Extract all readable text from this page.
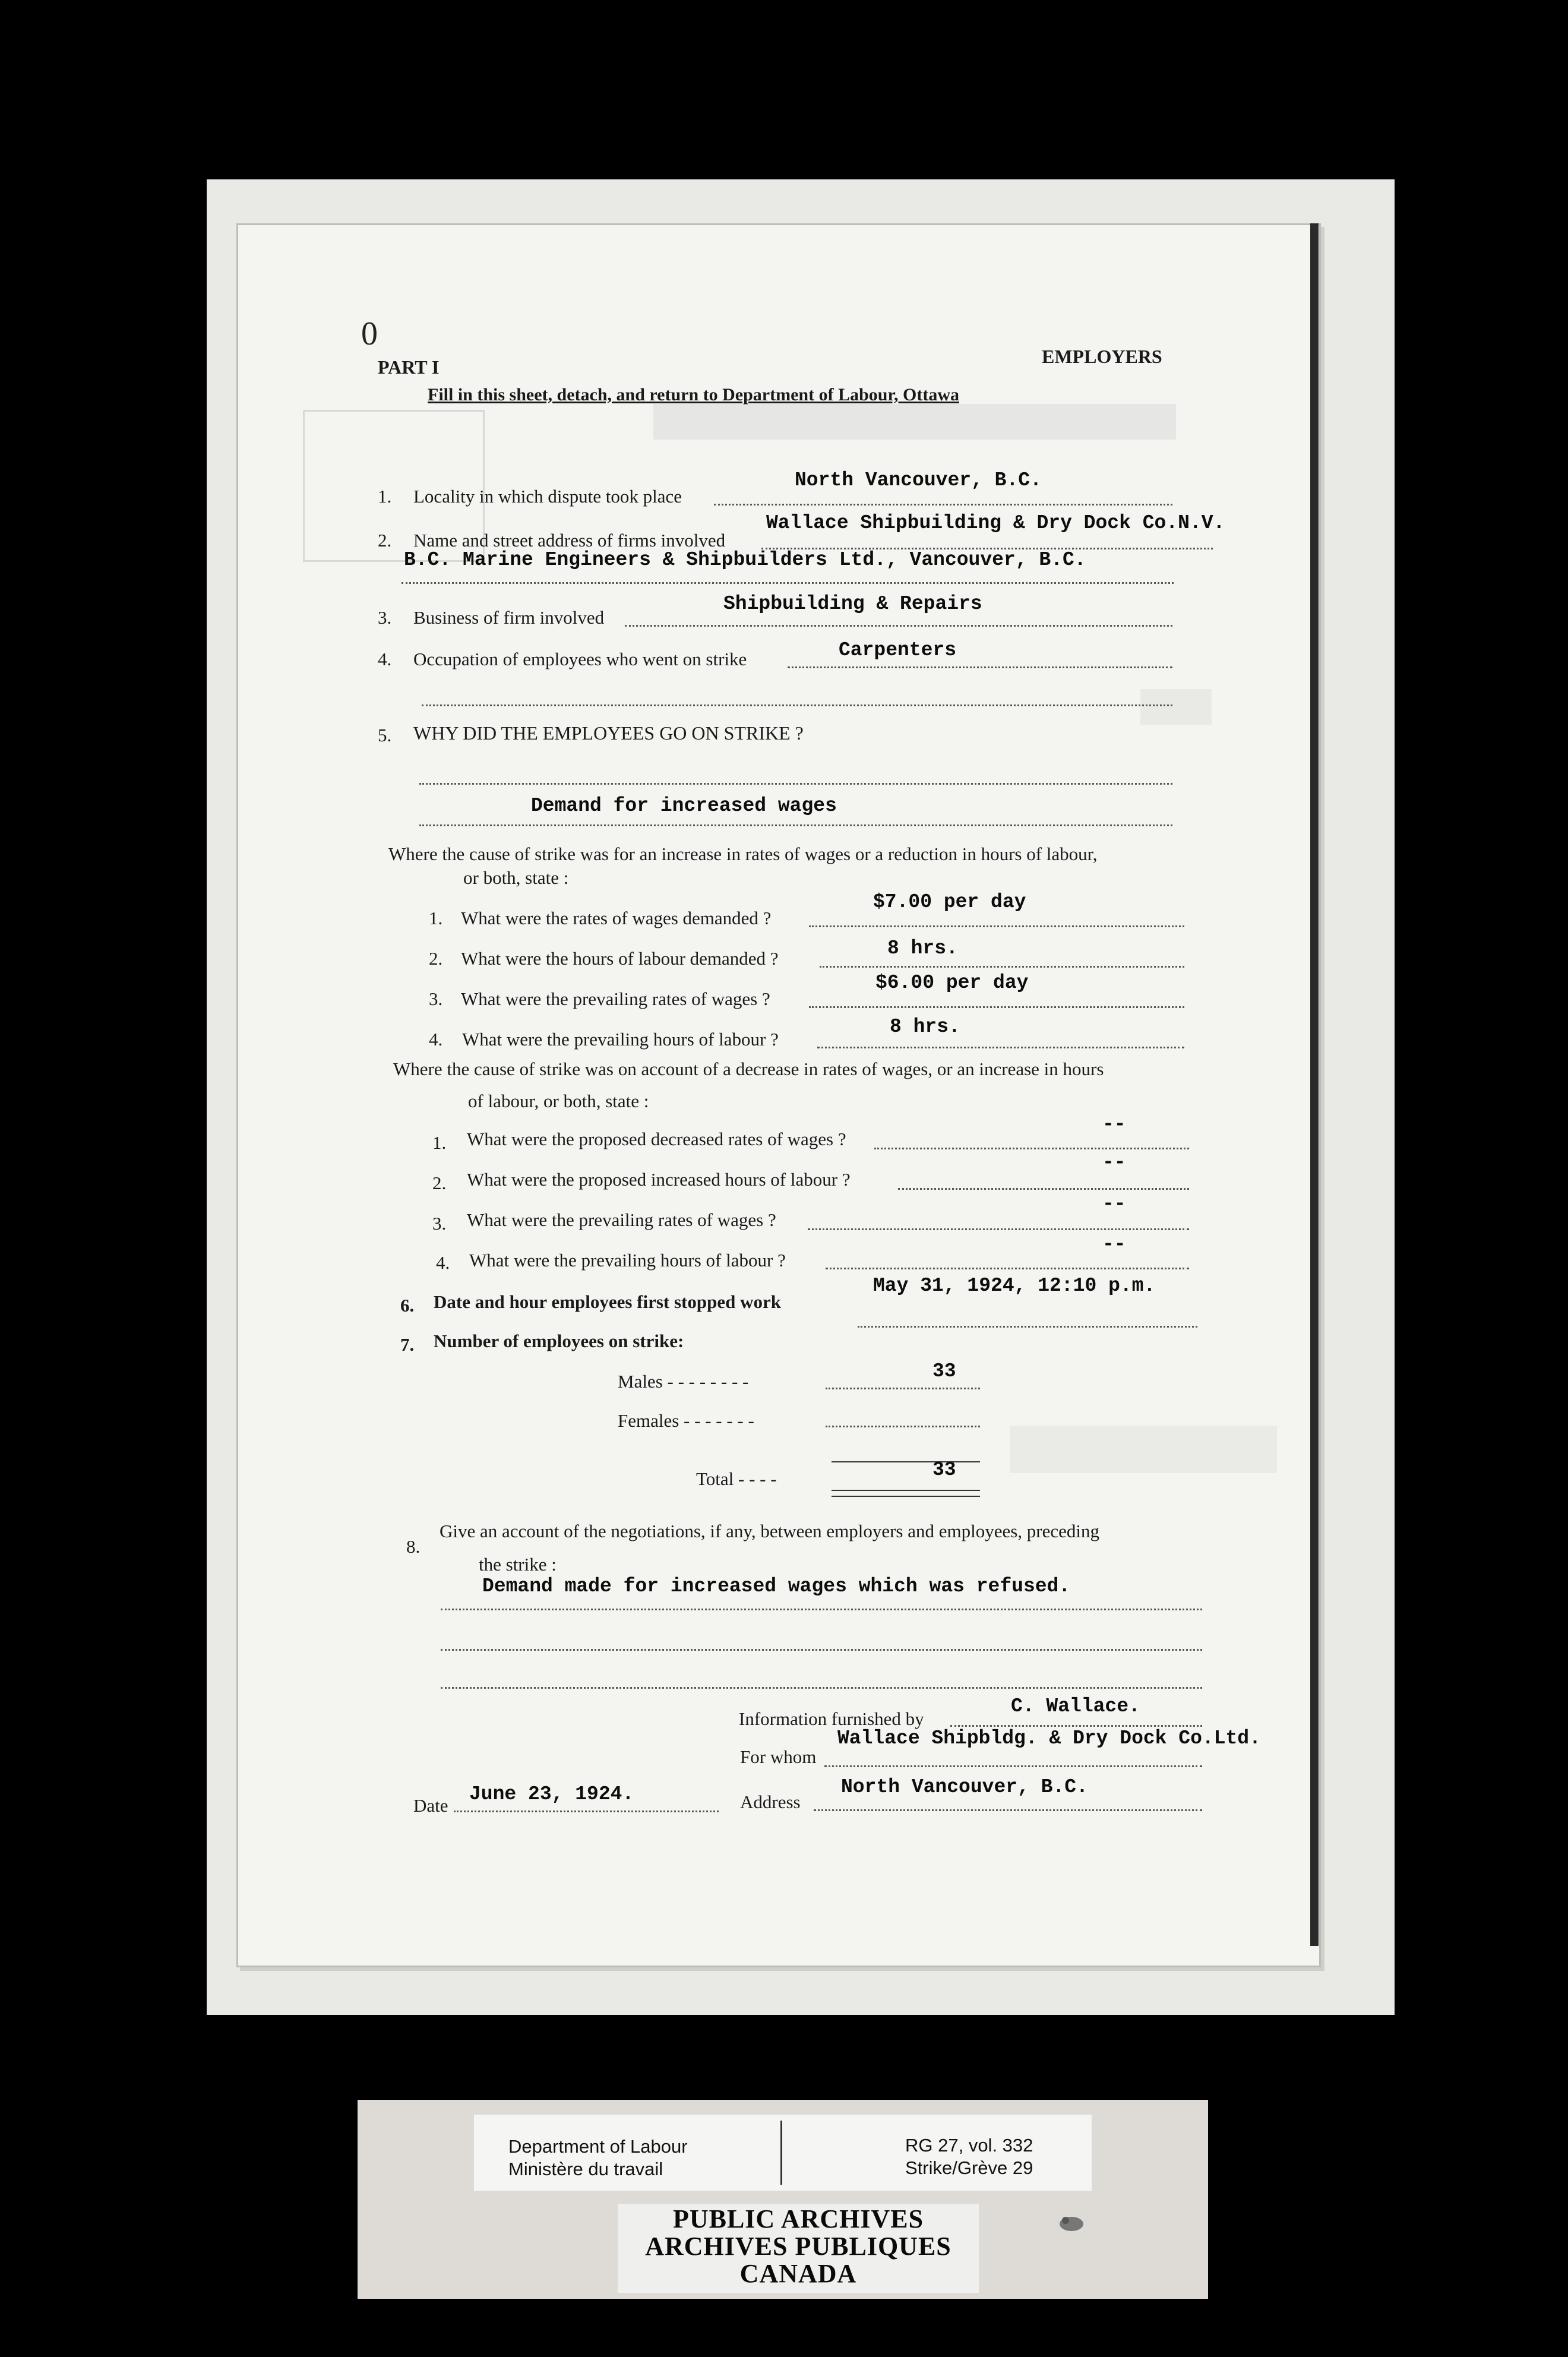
0
PART I	EMPLOYERS
Fill in this sheet, detach, and return to Department of Labour, Ottawa
1. Locality in which dispute took place
North Vancouver, B.C.
2. Name and street address of firms involved
Wallace Shipbuilding & Dry Dock Co.N.V.
B.C. Marine Engineers & Shipbuilders Ltd., Vancouver, B.C.
3. Business of firm involved
Shipbuilding & Repairs
4. Occupation of employees who went on strike	Carpenters
5. WHY DID THE EMPLOYEES GO ON STRIKE ?
Demand for increased wages
Where the cause of strike was for an increase in rates of wages or a reduction in hours of labour,
or both, state :
1. What were the rates of wages demanded ?
$7.00 per day
2. What were the hours of labour demanded ?	8 hrs.
3. What were the prevailing rates of wages ?
$6.00 per day
4. What were the prevailing hours of labour ?
8 hrs.
Where the cause of strike was on account of a decrease in rates of wages, or an increase in hours
of labour, or both, state :
1. What were the proposed decreased rates of wages ?
--
2. What were the proposed increased hours of labour ?
--
3. What were the prevailing rates of wages ?
--
4. What were the prevailing hours of labour ?
--
6. Date and hour employees first stopped work
May 31, 1924, 12:10 p.m.
7. Number of employees on strike:
Males - - - - - - - -	33
Females - - - - - - -
Total - - - -	33
8.
Give an account of the negotiations, if any, between employers and employees, preceding
the strike :
Demand made for increased wages which was refused.
Information furnished by
C. Wallace.
For whom
Wallace Shipbldg. & Dry Dock Co.Ltd.
Date
June 23, 1924.	Address
North Vancouver, B.C.
Department of Labour
Ministère du travail
RG 27, vol. 332
Strike/Grève 29
PUBLIC ARCHIVES
ARCHIVES PUBLIQUES
CANADA
